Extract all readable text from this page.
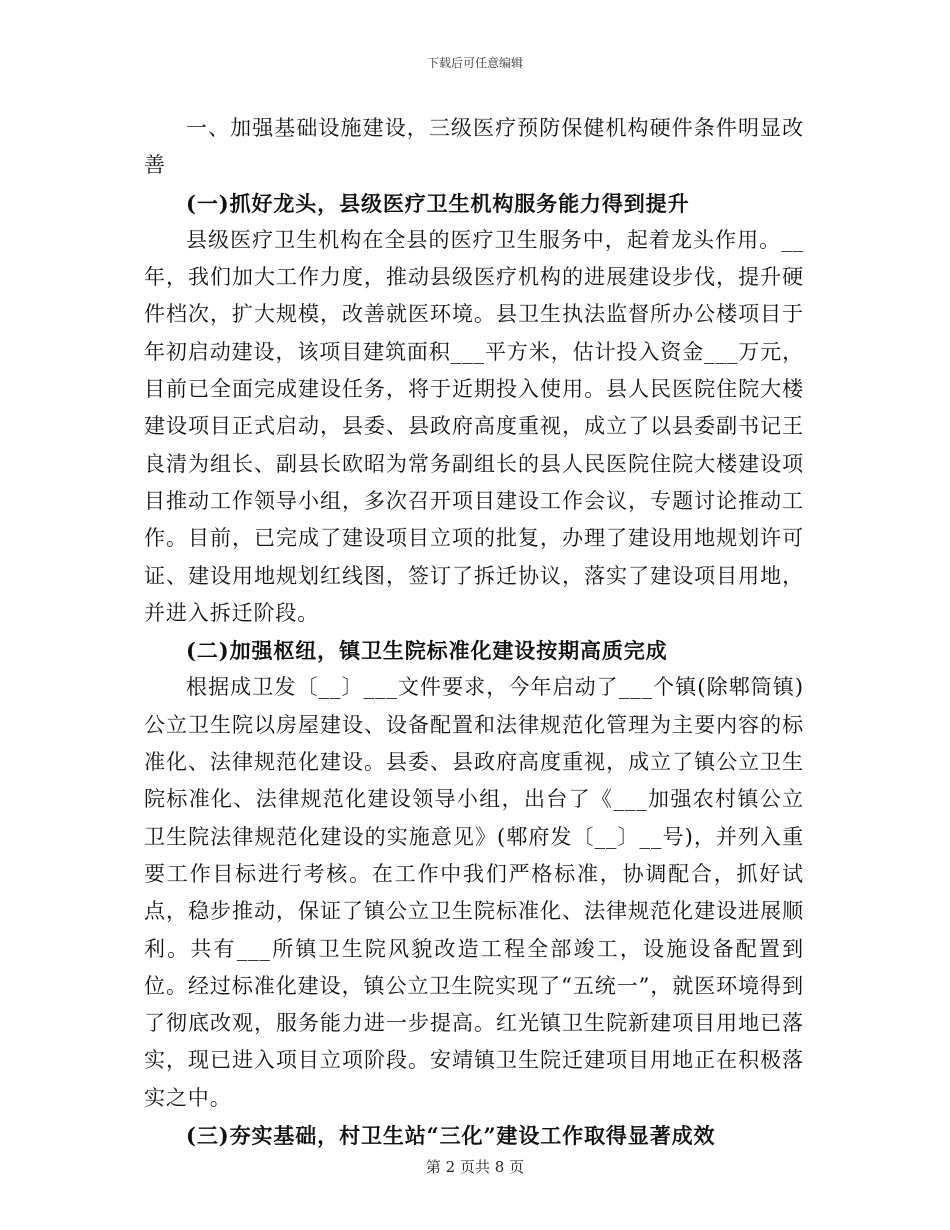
下载后可任意编辑

一、加强基础设施建设，三级医疗预防保健机构硬件条件明显改善

(一)抓好龙头，县级医疗卫生机构服务能力得到提升

县级医疗卫生机构在全县的医疗卫生服务中，起着龙头作用。__年，我们加大工作力度，推动县级医疗机构的进展建设步伐，提升硬件档次，扩大规模，改善就医环境。县卫生执法监督所办公楼项目于年初启动建设，该项目建筑面积___平方米，估计投入资金___万元，目前已全面完成建设任务，将于近期投入使用。县人民医院住院大楼建设项目正式启动，县委、县政府高度重视，成立了以县委副书记王良清为组长、副县长欧昭为常务副组长的县人民医院住院大楼建设项目推动工作领导小组，多次召开项目建设工作会议，专题讨论推动工作。目前，已完成了建设项目立项的批复，办理了建设用地规划许可证、建设用地规划红线图，签订了拆迁协议，落实了建设项目用地，并进入拆迁阶段。

(二)加强枢纽，镇卫生院标准化建设按期高质完成

根据成卫发〔__〕___文件要求，今年启动了___个镇(除郫筒镇)公立卫生院以房屋建设、设备配置和法律规范化管理为主要内容的标准化、法律规范化建设。县委、县政府高度重视，成立了镇公立卫生院标准化、法律规范化建设领导小组，出台了《___加强农村镇公立卫生院法律规范化建设的实施意见》(郫府发〔__〕__号)，并列入重要工作目标进行考核。在工作中我们严格标准，协调配合，抓好试点，稳步推动，保证了镇公立卫生院标准化、法律规范化建设进展顺利。共有___所镇卫生院风貌改造工程全部竣工，设施设备配置到位。经过标准化建设，镇公立卫生院实现了“五统一”，就医环境得到了彻底改观，服务能力进一步提高。红光镇卫生院新建项目用地已落实，现已进入项目立项阶段。安靖镇卫生院迁建项目用地正在积极落实之中。

(三)夯实基础，村卫生站“三化”建设工作取得显著成效

第 2 页共 8 页
